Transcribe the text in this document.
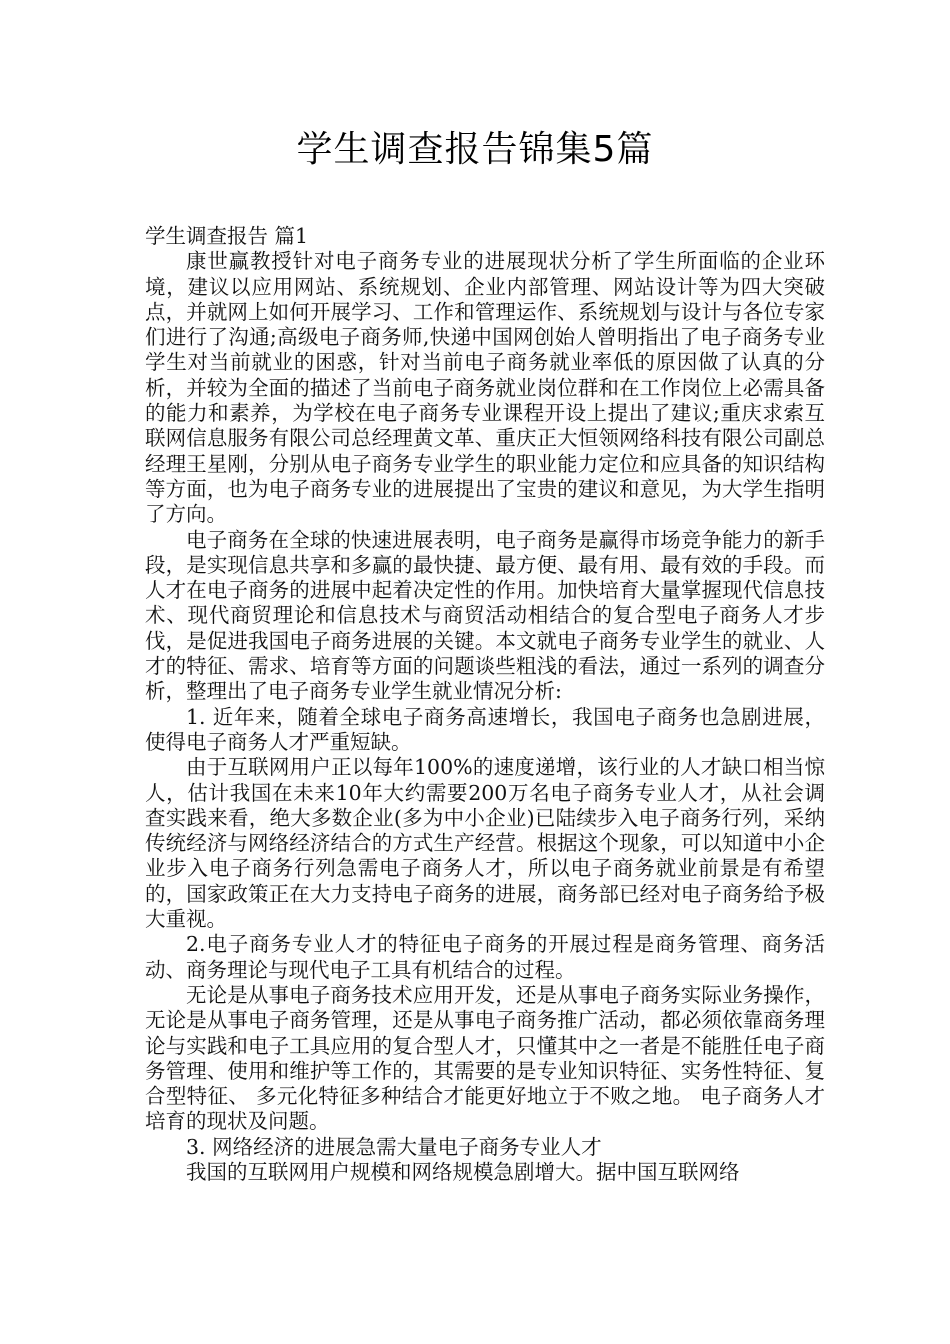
学生调查报告锦集5篇

学生调查报告 篇1

康世赢教授针对电子商务专业的进展现状分析了学生所面临的企业环境，建议以应用网站、系统规划、企业内部管理、网站设计等为四大突破点，并就网上如何开展学习、工作和管理运作、系统规划与设计与各位专家们进行了沟通;高级电子商务师,快递中国网创始人曾明指出了电子商务专业学生对当前就业的困惑，针对当前电子商务就业率低的原因做了认真的分析，并较为全面的描述了当前电子商务就业岗位群和在工作岗位上必需具备的能力和素养，为学校在电子商务专业课程开设上提出了建议;重庆求索互联网信息服务有限公司总经理黄文革、重庆正大恒领网络科技有限公司副总经理王星刚，分别从电子商务专业学生的职业能力定位和应具备的知识结构等方面，也为电子商务专业的进展提出了宝贵的建议和意见，为大学生指明了方向。

电子商务在全球的快速进展表明，电子商务是赢得市场竞争能力的新手段，是实现信息共享和多赢的最快捷、最方便、最有用、最有效的手段。而人才在电子商务的进展中起着决定性的作用。加快培育大量掌握现代信息技术、现代商贸理论和信息技术与商贸活动相结合的复合型电子商务人才步伐，是促进我国电子商务进展的关键。本文就电子商务专业学生的就业、人才的特征、需求、培育等方面的问题谈些粗浅的看法，通过一系列的调查分析，整理出了电子商务专业学生就业情况分析:

1. 近年来，随着全球电子商务高速增长，我国电子商务也急剧进展，使得电子商务人才严重短缺。

由于互联网用户正以每年100%的速度递增，该行业的人才缺口相当惊人，估计我国在未来10年大约需要200万名电子商务专业人才，从社会调查实践来看，绝大多数企业(多为中小企业)已陆续步入电子商务行列，采纳传统经济与网络经济结合的方式生产经营。根据这个现象，可以知道中小企业步入电子商务行列急需电子商务人才，所以电子商务就业前景是有希望的，国家政策正在大力支持电子商务的进展，商务部已经对电子商务给予极大重视。

2.电子商务专业人才的特征电子商务的开展过程是商务管理、商务活动、商务理论与现代电子工具有机结合的过程。

无论是从事电子商务技术应用开发，还是从事电子商务实际业务操作，无论是从事电子商务管理，还是从事电子商务推广活动，都必须依靠商务理论与实践和电子工具应用的复合型人才，只懂其中之一者是不能胜任电子商务管理、使用和维护等工作的，其需要的是专业知识特征、实务性特征、复合型特征、 多元化特征多种结合才能更好地立于不败之地。 电子商务人才培育的现状及问题。

3. 网络经济的进展急需大量电子商务专业人才

我国的互联网用户规模和网络规模急剧增大。据中国互联网络
